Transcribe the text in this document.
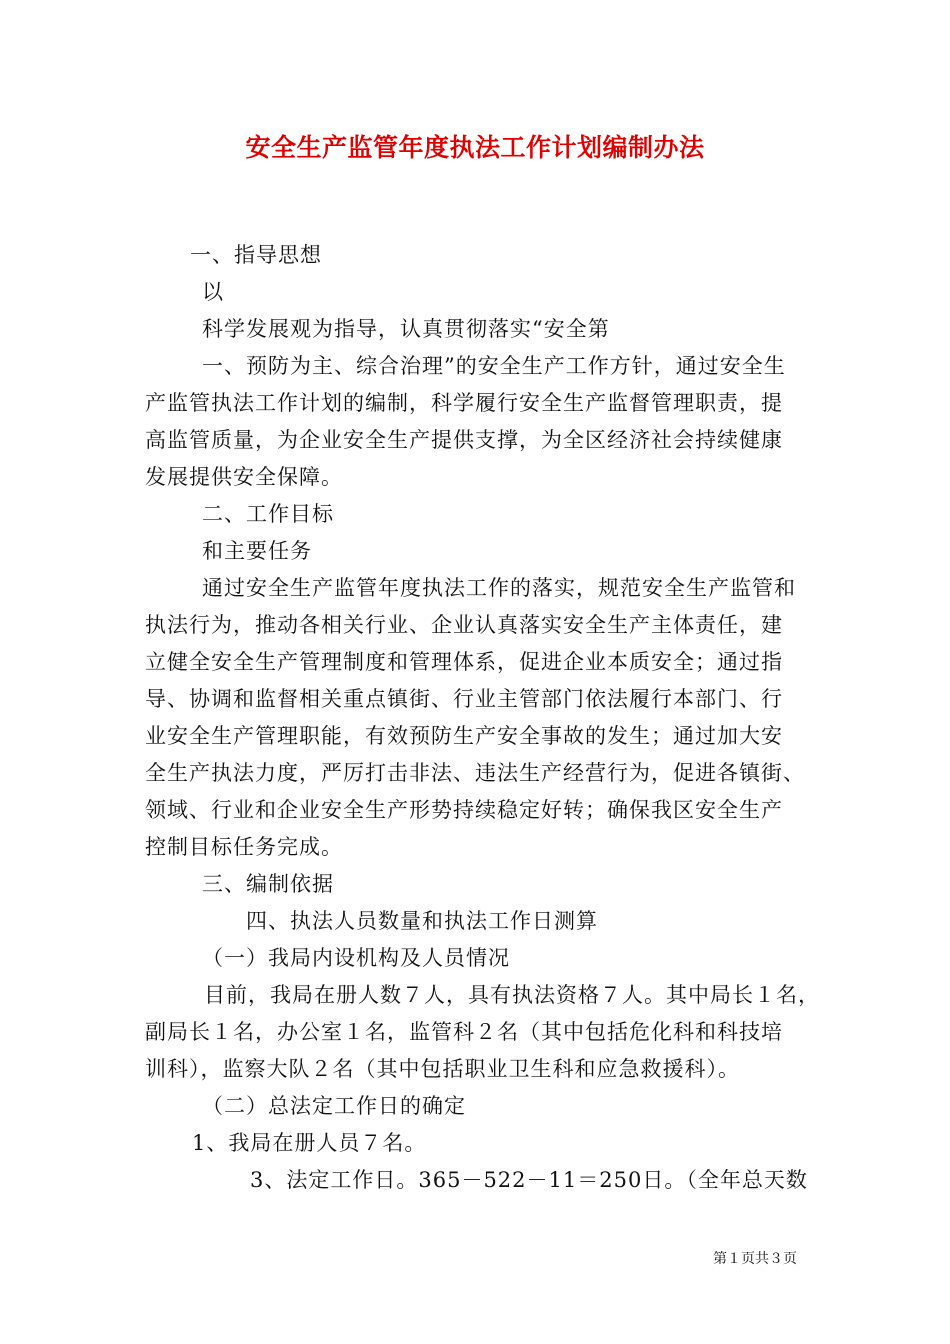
安全生产监管年度执法工作计划编制办法
一、指导思想
以
科学发展观为指导，认真贯彻落实“安全第
一、预防为主、综合治理”的安全生产工作方针，通过安全生
产监管执法工作计划的编制，科学履行安全生产监督管理职责，提
高监管质量，为企业安全生产提供支撑，为全区经济社会持续健康
发展提供安全保障。
二、工作目标
和主要任务
通过安全生产监管年度执法工作的落实，规范安全生产监管和
执法行为，推动各相关行业、企业认真落实安全生产主体责任，建
立健全安全生产管理制度和管理体系，促进企业本质安全；通过指
导、协调和监督相关重点镇街、行业主管部门依法履行本部门、行
业安全生产管理职能，有效预防生产安全事故的发生；通过加大安
全生产执法力度，严厉打击非法、违法生产经营行为，促进各镇街、
领域、行业和企业安全生产形势持续稳定好转；确保我区安全生产
控制目标任务完成。
三、编制依据
四、执法人员数量和执法工作日测算
（一）我局内设机构及人员情况
目前，我局在册人数７人，具有执法资格７人。其中局长１名，
副局长１名，办公室１名，监管科２名（其中包括危化科和科技培
训科），监察大队２名（其中包括职业卫生科和应急救援科）。
（二）总法定工作日的确定
1、我局在册人员７名。
3、法定工作日。365－522－11＝250日。（全年总天数
第１页共３页
